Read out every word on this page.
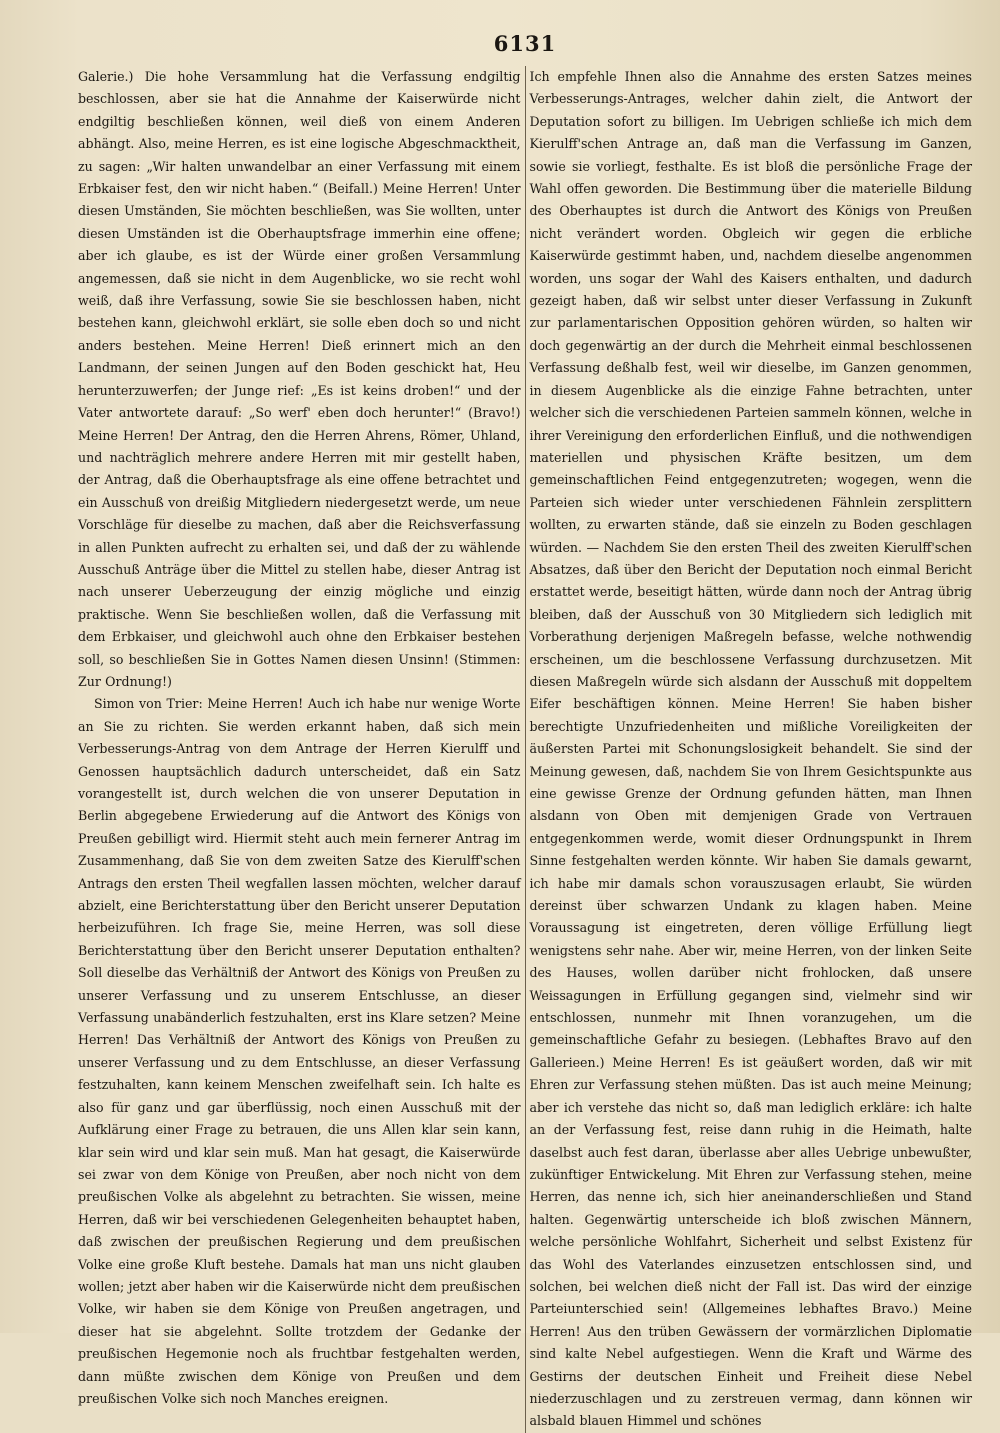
6131

Galerie.) Die hohe Versammlung hat die Verfassung endgiltig beschlossen, aber sie hat die Annahme der Kaiserwürde nicht endgiltig beschließen können, weil dieß von einem Anderen abhängt. Also, meine Herren, es ist eine logische Abgeschmacktheit, zu sagen: „Wir halten unwandelbar an einer Verfassung mit einem Erbkaiser fest, den wir nicht haben.“ (Beifall.) Meine Herren! Unter diesen Umständen, Sie möchten beschließen, was Sie wollten, unter diesen Umständen ist die Oberhauptsfrage immerhin eine offene; aber ich glaube, es ist der Würde einer großen Versammlung angemessen, daß sie nicht in dem Augenblicke, wo sie recht wohl weiß, daß ihre Verfassung, sowie Sie sie beschlossen haben, nicht bestehen kann, gleichwohl erklärt, sie solle eben doch so und nicht anders bestehen. Meine Herren! Dieß erinnert mich an den Landmann, der seinen Jungen auf den Boden geschickt hat, Heu herunterzuwerfen; der Junge rief: „Es ist keins droben!“ und der Vater antwortete darauf: „So werf' eben doch herunter!“ (Bravo!) Meine Herren! Der Antrag, den die Herren Ahrens, Römer, Uhland, und nachträglich mehrere andere Herren mit mir gestellt haben, der Antrag, daß die Oberhauptsfrage als eine offene betrachtet und ein Ausschuß von dreißig Mitgliedern niedergesetzt werde, um neue Vorschläge für dieselbe zu machen, daß aber die Reichsverfassung in allen Punkten aufrecht zu erhalten sei, und daß der zu wählende Ausschuß Anträge über die Mittel zu stellen habe, dieser Antrag ist nach unserer Ueberzeugung der einzig mögliche und einzig praktische. Wenn Sie beschließen wollen, daß die Verfassung mit dem Erbkaiser, und gleichwohl auch ohne den Erbkaiser bestehen soll, so beschließen Sie in Gottes Namen diesen Unsinn! (Stimmen: Zur Ordnung!)

Simon von Trier: Meine Herren! Auch ich habe nur wenige Worte an Sie zu richten. Sie werden erkannt haben, daß sich mein Verbesserungs-Antrag von dem Antrage der Herren Kierulff und Genossen hauptsächlich dadurch unterscheidet, daß ein Satz vorangestellt ist, durch welchen die von unserer Deputation in Berlin abgegebene Erwiederung auf die Antwort des Königs von Preußen gebilligt wird. Hiermit steht auch mein fernerer Antrag im Zusammenhang, daß Sie von dem zweiten Satze des Kierulff'schen Antrags den ersten Theil wegfallen lassen möchten, welcher darauf abzielt, eine Berichterstattung über den Bericht unserer Deputation herbeizuführen. Ich frage Sie, meine Herren, was soll diese Berichterstattung über den Bericht unserer Deputation enthalten? Soll dieselbe das Verhältniß der Antwort des Königs von Preußen zu unserer Verfassung und zu unserem Entschlusse, an dieser Verfassung unabänderlich festzuhalten, erst ins Klare setzen? Meine Herren! Das Verhältniß der Antwort des Königs von Preußen zu unserer Verfassung und zu dem Entschlusse, an dieser Verfassung festzuhalten, kann keinem Menschen zweifelhaft sein. Ich halte es also für ganz und gar überflüssig, noch einen Ausschuß mit der Aufklärung einer Frage zu betrauen, die uns Allen klar sein kann, klar sein wird und klar sein muß. Man hat gesagt, die Kaiserwürde sei zwar von dem Könige von Preußen, aber noch nicht von dem preußischen Volke als abgelehnt zu betrachten. Sie wissen, meine Herren, daß wir bei verschiedenen Gelegenheiten behauptet haben, daß zwischen der preußischen Regierung und dem preußischen Volke eine große Kluft bestehe. Damals hat man uns nicht glauben wollen; jetzt aber haben wir die Kaiserwürde nicht dem preußischen Volke, wir haben sie dem Könige von Preußen angetragen, und dieser hat sie abgelehnt. Sollte trotzdem der Gedanke der preußischen Hegemonie noch als fruchtbar festgehalten werden, dann müßte zwischen dem Könige von Preußen und dem preußischen Volke sich noch Manches ereignen.

Ich empfehle Ihnen also die Annahme des ersten Satzes meines Verbesserungs-Antrages, welcher dahin zielt, die Antwort der Deputation sofort zu billigen. Im Uebrigen schließe ich mich dem Kierulff'schen Antrage an, daß man die Verfassung im Ganzen, sowie sie vorliegt, festhalte. Es ist bloß die persönliche Frage der Wahl offen geworden. Die Bestimmung über die materielle Bildung des Oberhauptes ist durch die Antwort des Königs von Preußen nicht verändert worden. Obgleich wir gegen die erbliche Kaiserwürde gestimmt haben, und, nachdem dieselbe angenommen worden, uns sogar der Wahl des Kaisers enthalten, und dadurch gezeigt haben, daß wir selbst unter dieser Verfassung in Zukunft zur parlamentarischen Opposition gehören würden, so halten wir doch gegenwärtig an der durch die Mehrheit einmal beschlossenen Verfassung deßhalb fest, weil wir dieselbe, im Ganzen genommen, in diesem Augenblicke als die einzige Fahne betrachten, unter welcher sich die verschiedenen Parteien sammeln können, welche in ihrer Vereinigung den erforderlichen Einfluß, und die nothwendigen materiellen und physischen Kräfte besitzen, um dem gemeinschaftlichen Feind entgegenzutreten; wogegen, wenn die Parteien sich wieder unter verschiedenen Fähnlein zersplittern wollten, zu erwarten stände, daß sie einzeln zu Boden geschlagen würden. — Nachdem Sie den ersten Theil des zweiten Kierulff'schen Absatzes, daß über den Bericht der Deputation noch einmal Bericht erstattet werde, beseitigt hätten, würde dann noch der Antrag übrig bleiben, daß der Ausschuß von 30 Mitgliedern sich lediglich mit Vorberathung derjenigen Maßregeln befasse, welche nothwendig erscheinen, um die beschlossene Verfassung durchzusetzen. Mit diesen Maßregeln würde sich alsdann der Ausschuß mit doppeltem Eifer beschäftigen können. Meine Herren! Sie haben bisher berechtigte Unzufriedenheiten und mißliche Voreiligkeiten der äußersten Partei mit Schonungslosigkeit behandelt. Sie sind der Meinung gewesen, daß, nachdem Sie von Ihrem Gesichtspunkte aus eine gewisse Grenze der Ordnung gefunden hätten, man Ihnen alsdann von Oben mit demjenigen Grade von Vertrauen entgegenkommen werde, womit dieser Ordnungspunkt in Ihrem Sinne festgehalten werden könnte. Wir haben Sie damals gewarnt, ich habe mir damals schon vorauszusagen erlaubt, Sie würden dereinst über schwarzen Undank zu klagen haben. Meine Voraussagung ist eingetreten, deren völlige Erfüllung liegt wenigstens sehr nahe. Aber wir, meine Herren, von der linken Seite des Hauses, wollen darüber nicht frohlocken, daß unsere Weissagungen in Erfüllung gegangen sind, vielmehr sind wir entschlossen, nunmehr mit Ihnen voranzugehen, um die gemeinschaftliche Gefahr zu besiegen. (Lebhaftes Bravo auf den Gallerieen.) Meine Herren! Es ist geäußert worden, daß wir mit Ehren zur Verfassung stehen müßten. Das ist auch meine Meinung; aber ich verstehe das nicht so, daß man lediglich erkläre: ich halte an der Verfassung fest, reise dann ruhig in die Heimath, halte daselbst auch fest daran, überlasse aber alles Uebrige unbewußter, zukünftiger Entwickelung. Mit Ehren zur Verfassung stehen, meine Herren, das nenne ich, sich hier aneinanderschließen und Stand halten. Gegenwärtig unterscheide ich bloß zwischen Männern, welche persönliche Wohlfahrt, Sicherheit und selbst Existenz für das Wohl des Vaterlandes einzusetzen entschlossen sind, und solchen, bei welchen dieß nicht der Fall ist. Das wird der einzige Parteiunterschied sein! (Allgemeines lebhaftes Bravo.) Meine Herren! Aus den trüben Gewässern der vormärzlichen Diplomatie sind kalte Nebel aufgestiegen. Wenn die Kraft und Wärme des Gestirns der deutschen Einheit und Freiheit diese Nebel niederzuschlagen und zu zerstreuen vermag, dann können wir alsbald blauen Himmel und schönes
